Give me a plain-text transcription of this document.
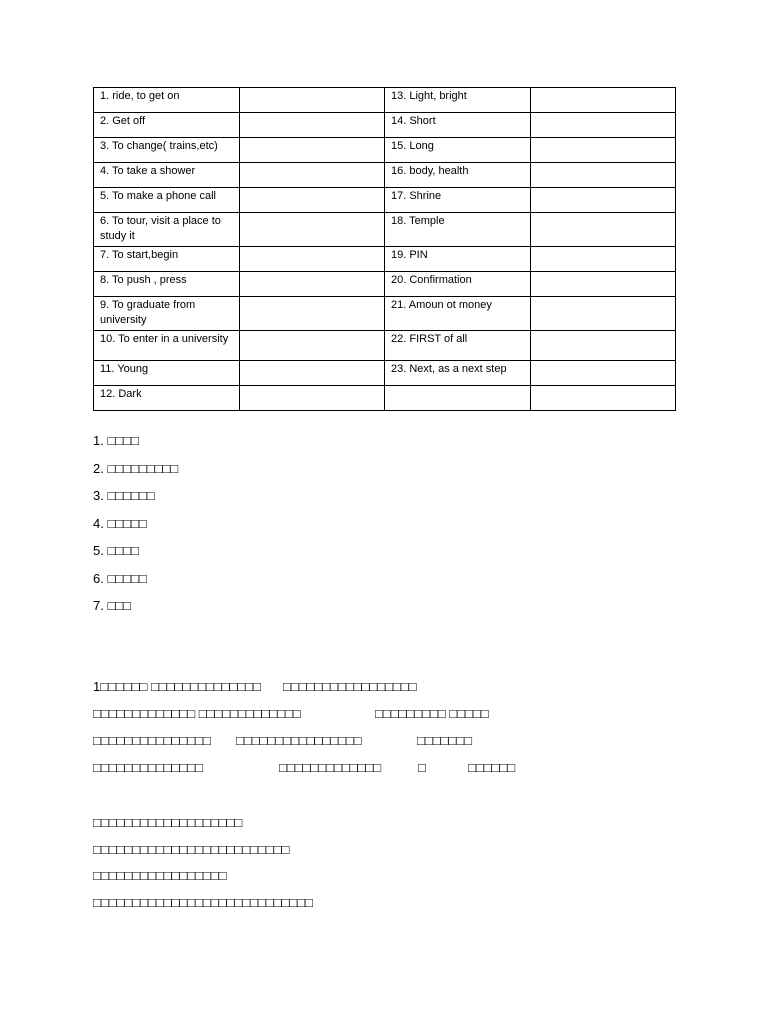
1. ride, to get on		13. Light, bright	
2. Get off		14. Short	
3. To change( trains,etc)		15. Long	
4. To take a shower		16. body, health	
5. To make a phone call		17. Shrine	
6. To tour, visit a place to study it		18. Temple	
7. To start,begin		19. PIN	
8. To push , press		20. Confirmation	
9. To graduate from university		21. Amoun ot money	
10. To enter in a university		22. FIRST of all	
11. Young		23. Next, as a next step	
12. Dark			
1. □□□□
2. □□□□□□□□□
3. □□□□□□
4. □□□□□
5. □□□□
6. □□□□□
7. □□□
1□□□□□□ □□□□□□□□□□□□□□ □□□□□□□□□□□□□□□□□
□□□□□□□□□□□□□ □□□□□□□□□□□□□	□□□□□□□□□ □□□□□
□□□□□□□□□□□□□□□ □□□□□□□□□□□□□□□□	□□□□□□□
□□□□□□□□□□□□□□	□□□□□□□□□□□□□	□	□□□□□□
□□□□□□□□□□□□□□□□□□□
□□□□□□□□□□□□□□□□□□□□□□□□□
□□□□□□□□□□□□□□□□□
□□□□□□□□□□□□□□□□□□□□□□□□□□□□
